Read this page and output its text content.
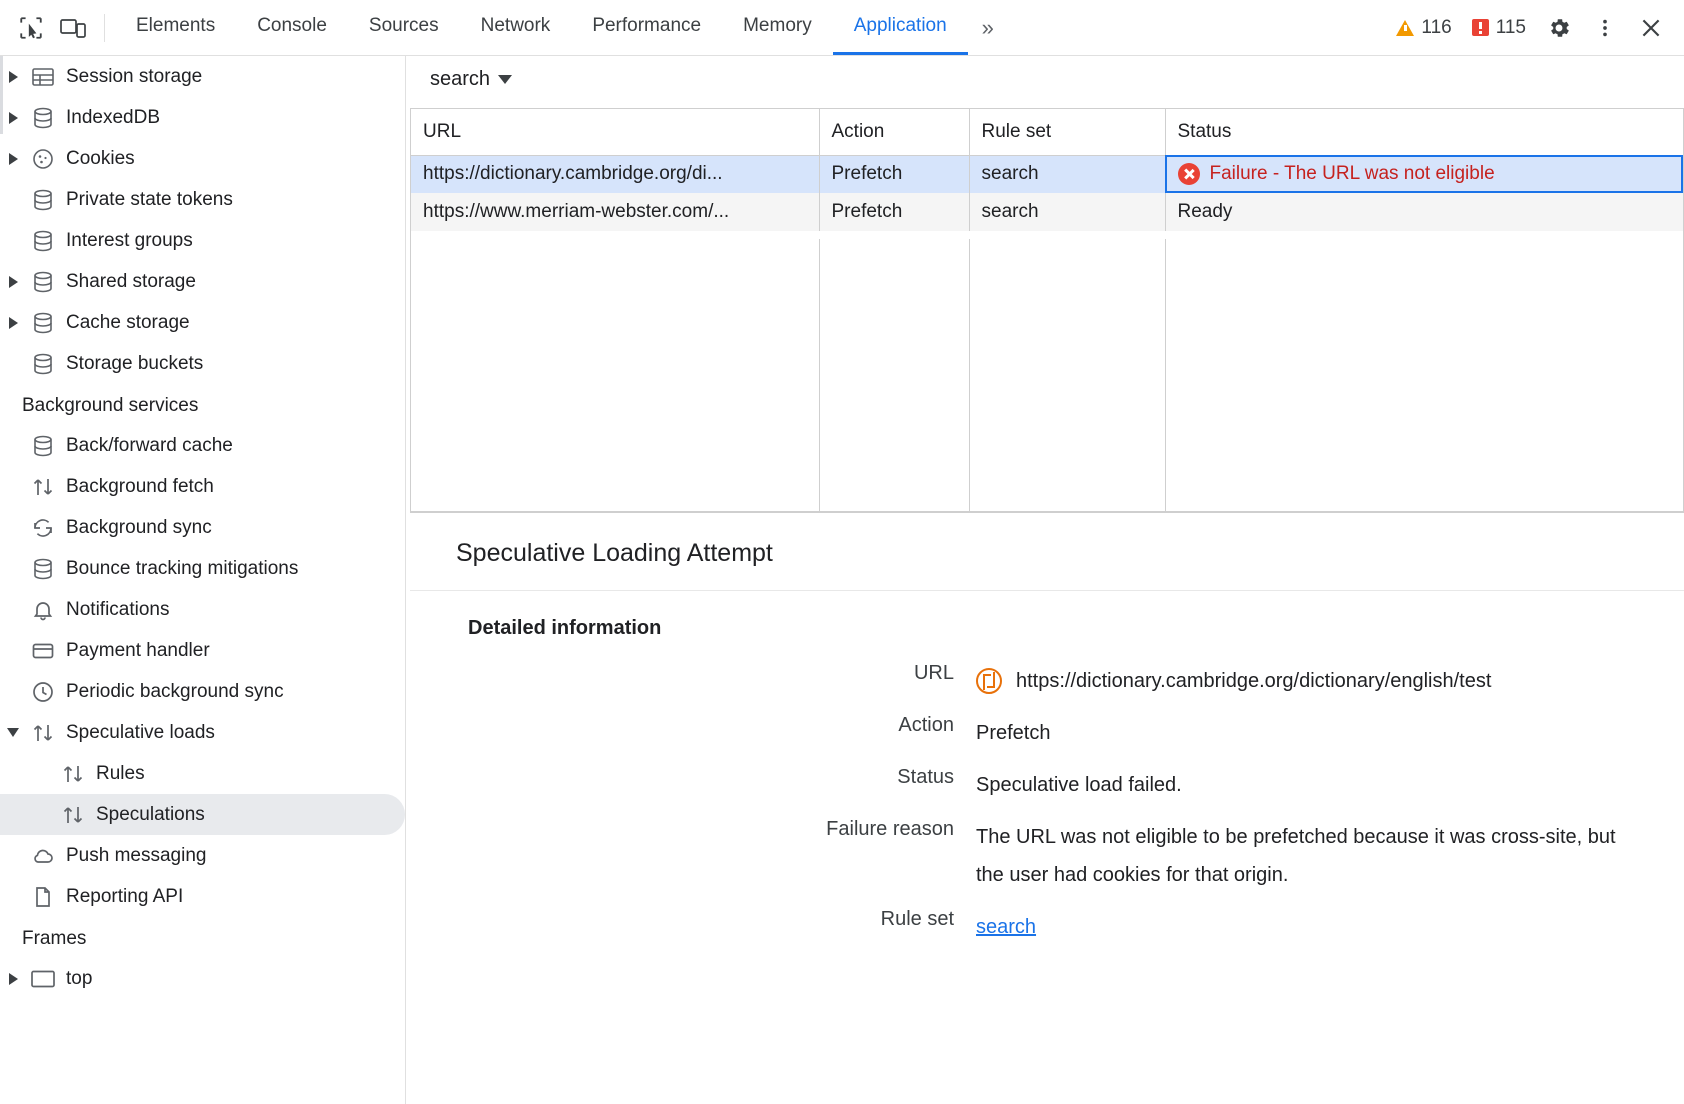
Elements	Console	Sources	Network	Performance	Memory	Application	»	116 115
Session storage
IndexedDB
Cookies
Private state tokens
Interest groups
Shared storage
Cache storage
Storage buckets
Background services
Back/forward cache
Background fetch
Background sync
Bounce tracking mitigations
Notifications
Payment handler
Periodic background sync
Speculative loads
Rules
Speculations
Push messaging
Reporting API
Frames
top
search
URL	Action	Rule set	Status
https://dictionary.cambridge.org/di...	Prefetch	search	Failure - The URL was not eligible

https://www.merriam-webster.com/...	Prefetch	search	Ready
Speculative Loading Attempt
Detailed information
URL	https://dictionary.cambridge.org/dictionary/english/test
Action	Prefetch
Status	Speculative load failed.
Failure reason	The URL was not eligible to be prefetched because it was cross-site, but the user had cookies for that origin.
Rule set	search
